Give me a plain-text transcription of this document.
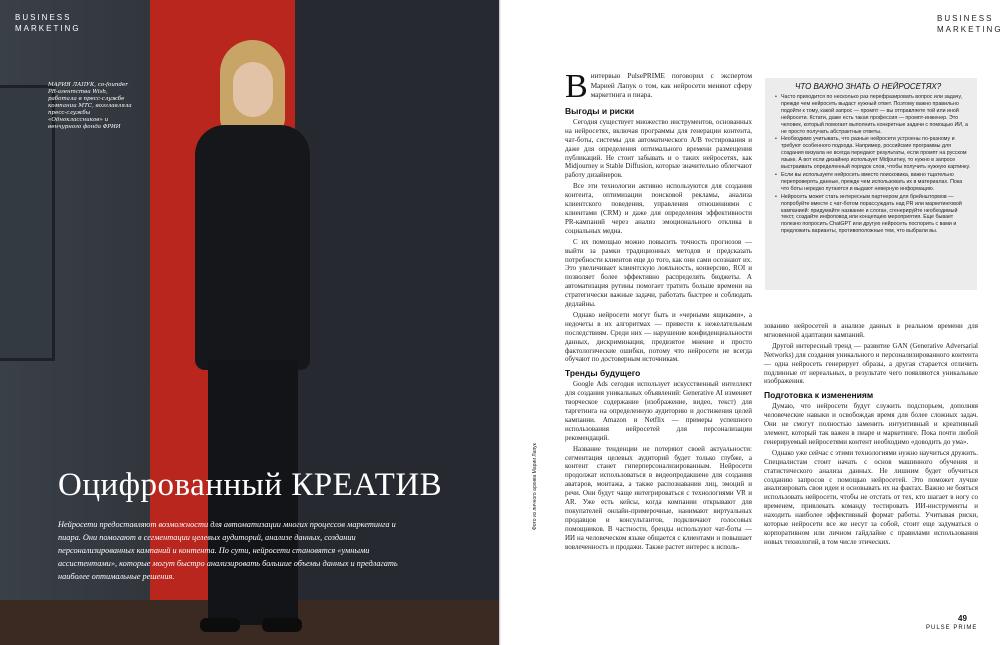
BUSINESS
MARKETING
МАРИЯ ЛАПУК, со-founder PR-агентства Wish, работала в пресс-службе компании МТС, возглавляла пресс-службы «Одноклассников» и венчурного фонда ФРИИ
Оцифрованный КРЕАТИВ
Нейросети предоставляют возможности для автоматизации многих процессов маркетинга и пиара. Они помогают в сегментации целевых аудиторий, анализе данных, создании персонализированных кампаний и контента. По сути, нейросети становятся «умными ассистентами», которые могут быстро анализировать большие объемы данных и предлагать наиболее оптимальные решения.
Фото из личного архива Марии Лапук
BUSINESS
MARKETING
В интервью PulsePRIME поговорил с экспертом Марией Лапук о том, как нейросети меняют сферу маркетинга и пиара.
Выгоды и риски

Сегодня существует множество инструментов, основанных на нейросетях, включая программы для генерации контента, чат-боты, системы для автоматического A/B тестирования и даже для определения оптимального времени размещения публикаций. Не стоит забывать и о таких нейросетях, как Midjourney и Stable Diffusion, которые значительно облегчают работу дизайнеров.

Все эти технологии активно используются для создания контента, оптимизации поисковой рекламы, анализа клиентского поведения, управления отношениями с клиентами (CRM) и даже для определения эффективности PR-кампаний через анализ эмоционального отклика в социальных медиа.

С их помощью можно повысить точность прогнозов — выйти за рамки традиционных методов и предсказать потребности клиентов еще до того, как они сами осознают их. Это увеличивает клиентскую лояльность, конверсию, ROI и позволяет более эффективно распределять бюджеты. А автоматизация рутины помогает тратить больше времени на стратегически важные задачи, работать быстрее и соблюдать дедлайны.

Однако нейросети могут быть и «черными ящиками», а недочеты в их алгоритмах — привести к нежелательным последствиям. Среди них — нарушение конфиденциальности данных, дискриминация, предвзятое мнение и просто фактологические ошибки, потому что нейросети не всегда обучают по достоверным источникам.

Тренды будущего

Google Ads сегодня использует искусственный интеллект для создания уникальных объявлений: Generative AI изменяет творческое содержание (изображение, видео, текст) для таргетинга на определенную аудиторию и достижения целей кампании. Amazon и Netflix — примеры успешного использования нейросетей для персонализации рекомендаций.

Название тенденции не потеряют своей актуальности: сегментация целевых аудиторий будет только глубже, а контент станет гиперперсонализированным. Нейросети продолжат использоваться в видеопродакшене для создания аватаров, монтажа, а также распознавания лиц, эмоций и речи. Они будут чаще интегрироваться с технологиями VR и AR. Уже есть кейсы, когда компании открывают для покупателей онлайн-примерочные, нанимают виртуальных продавцов и консультантов, подключают голосовых помощников. В частности, бренды используют чат-боты — ИИ на человеческом языке общается с клиентами и повышает вовлеченность и продажи. Также растет интерес к исполь-

ЧТО ВАЖНО ЗНАТЬ О НЕЙРОСЕТЯХ?
• Часто приходится по несколько раз перефразировать вопрос или задачу, прежде чем нейросеть выдаст нужный ответ. Поэтому важно правильно подойти к тому, какой запрос — промпт — вы отправляете той или иной нейросети. Кстати, даже есть такая профессия — промпт-инженер. Это человек, который помогает выполнить конкретные задачи с помощью ИИ, а не просто получать абстрактные ответы.
• Необходимо учитывать, что разные нейросети устроены по-разному и требуют особенного подхода. Например, российские программы для создания визуала не всегда передают результаты, если промпт на русском языке. А вот если дизайнер использует Midjourney, то нужно в запросе выстраивать определенный порядок слов, чтобы получить нужную картинку.
• Если вы используете нейросеть вместо поисковика, важно тщательно перепроверять данные, прежде чем использовать их в материалах. Пока что боты нередко путаются и выдают неверную информацию.
• Нейросеть может стать интересным партнером для брейнштормов — попробуйте вместе с чат-ботом порассуждать над PR или маркетинговой кампанией: придумайте название и слоган, сгенерируйте необходимый текст, создайте инфоповод или концепцию мероприятия. Еще бывает полезно попросить ChatGPT или другую нейросеть поспорить с вами и предложить варианты, противоположные тем, что выбрали вы.

зованию нейросетей в анализе данных в реальном времени для мгновенной адаптации кампаний.

Другой интересный тренд — развитие GAN (Generative Adversarial Networks) для создания уникального и персонализированного контента — одна нейросеть генерирует образы, а другая старается отличить подлинные от нереальных, в результате чего появляются уникальные изображения.

Подготовка к изменениям

Думаю, что нейросети будут служить подспорьем, дополняя человеческие навыки и освобождая время для более сложных задач. Они не смогут полностью заменить интуитивный и креативный элемент, который так важен в пиаре и маркетинге. Пока почти любой генерируемый нейросетями контент необходимо «доводить до ума».

Однако уже сейчас с этими технологиями нужно научиться дружить. Специалистам стоит начать с основ машинного обучения и статистического анализа данных. Не лишним будет обучиться созданию запросов с помощью нейросетей. Это поможет лучше анализировать свои идеи и основывать их на фактах. Важно не бояться использовать нейросети, чтобы не отстать от тех, кто шагает в ногу со временем, привлекать команду тестировать ИИ-инструменты и находить наиболее эффективный формат работы. Учитывая риски, которые нейросети все же несут за собой, стоит еще задуматься о корпоративном или личном гайдлайне с правилами использования новых технологий, в том числе этических.

49
PULSE PRIME
